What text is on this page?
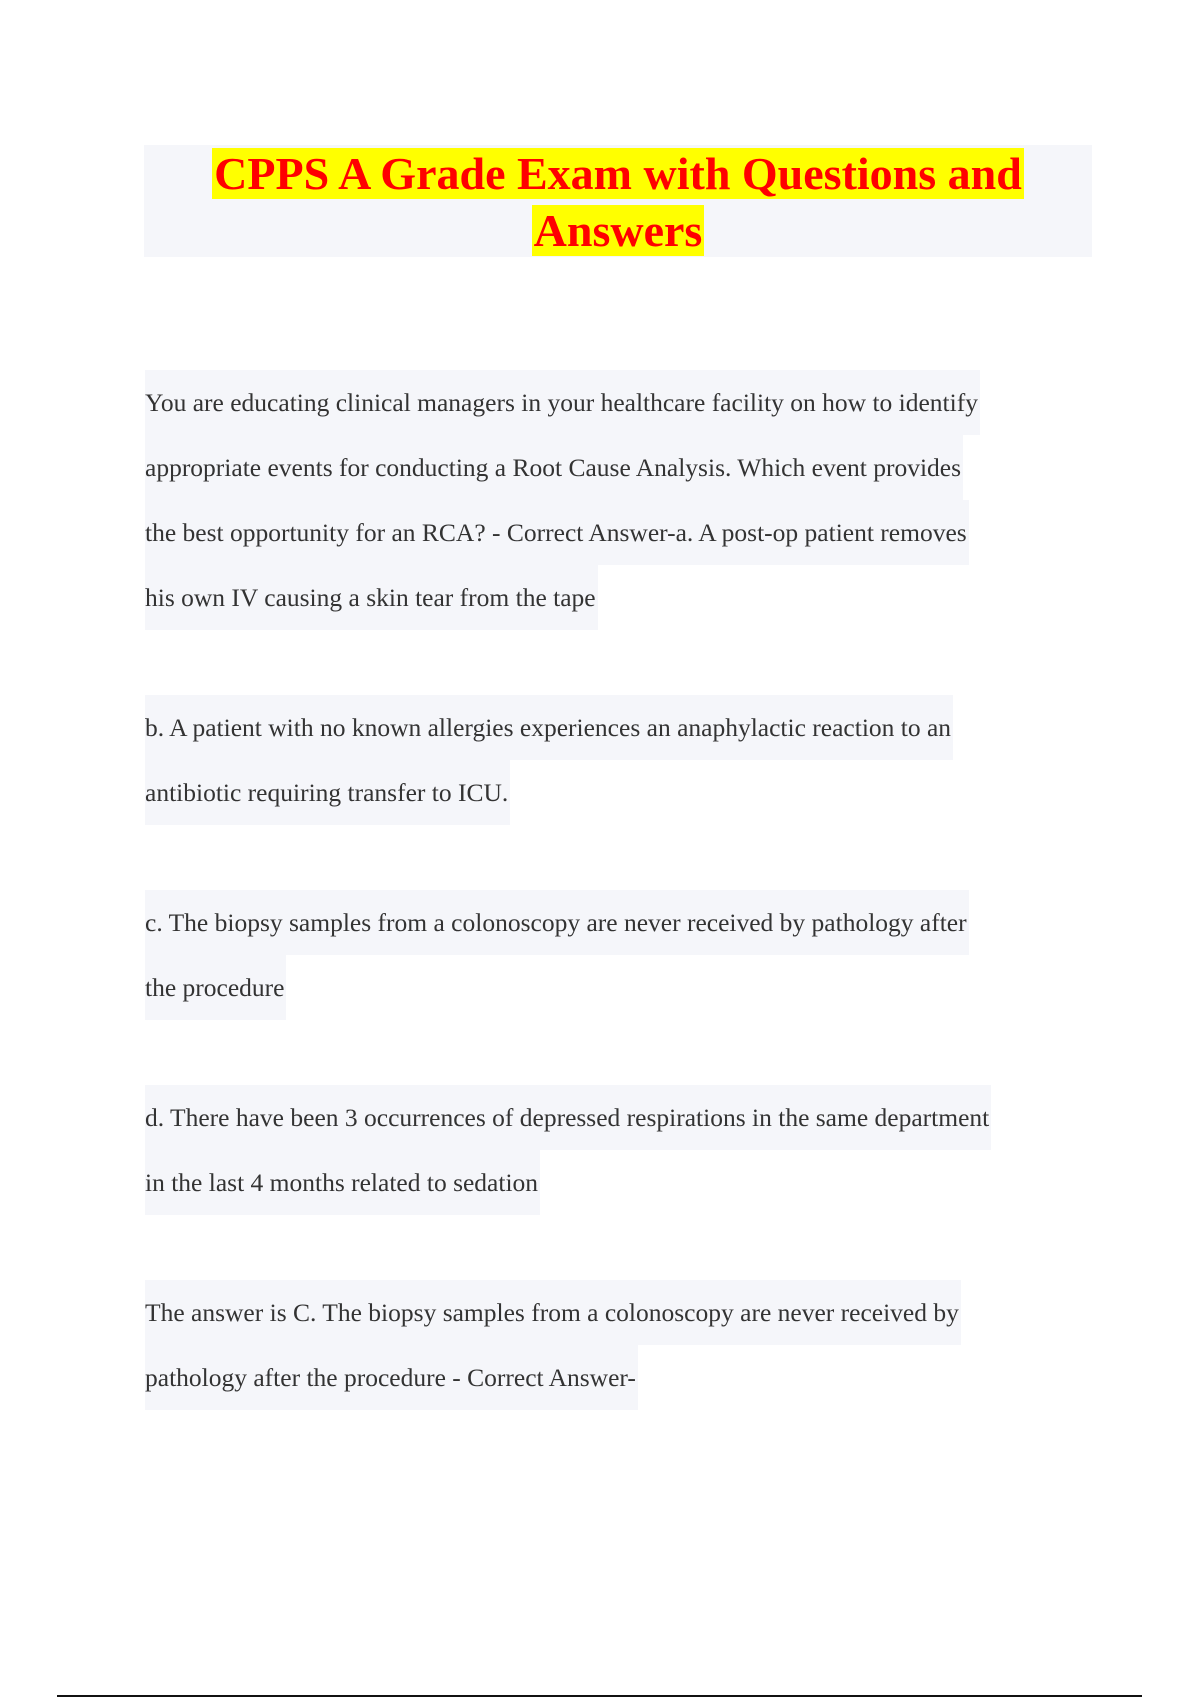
CPPS A Grade Exam with Questions and
Answers

You are educating clinical managers in your healthcare facility on how to identify
appropriate events for conducting a Root Cause Analysis. Which event provides
the best opportunity for an RCA? - Correct Answer-a. A post-op patient removes
his own IV causing a skin tear from the tape

b. A patient with no known allergies experiences an anaphylactic reaction to an
antibiotic requiring transfer to ICU.

c. The biopsy samples from a colonoscopy are never received by pathology after
the procedure

d. There have been 3 occurrences of depressed respirations in the same department
in the last 4 months related to sedation

The answer is C. The biopsy samples from a colonoscopy are never received by
pathology after the procedure - Correct Answer-
